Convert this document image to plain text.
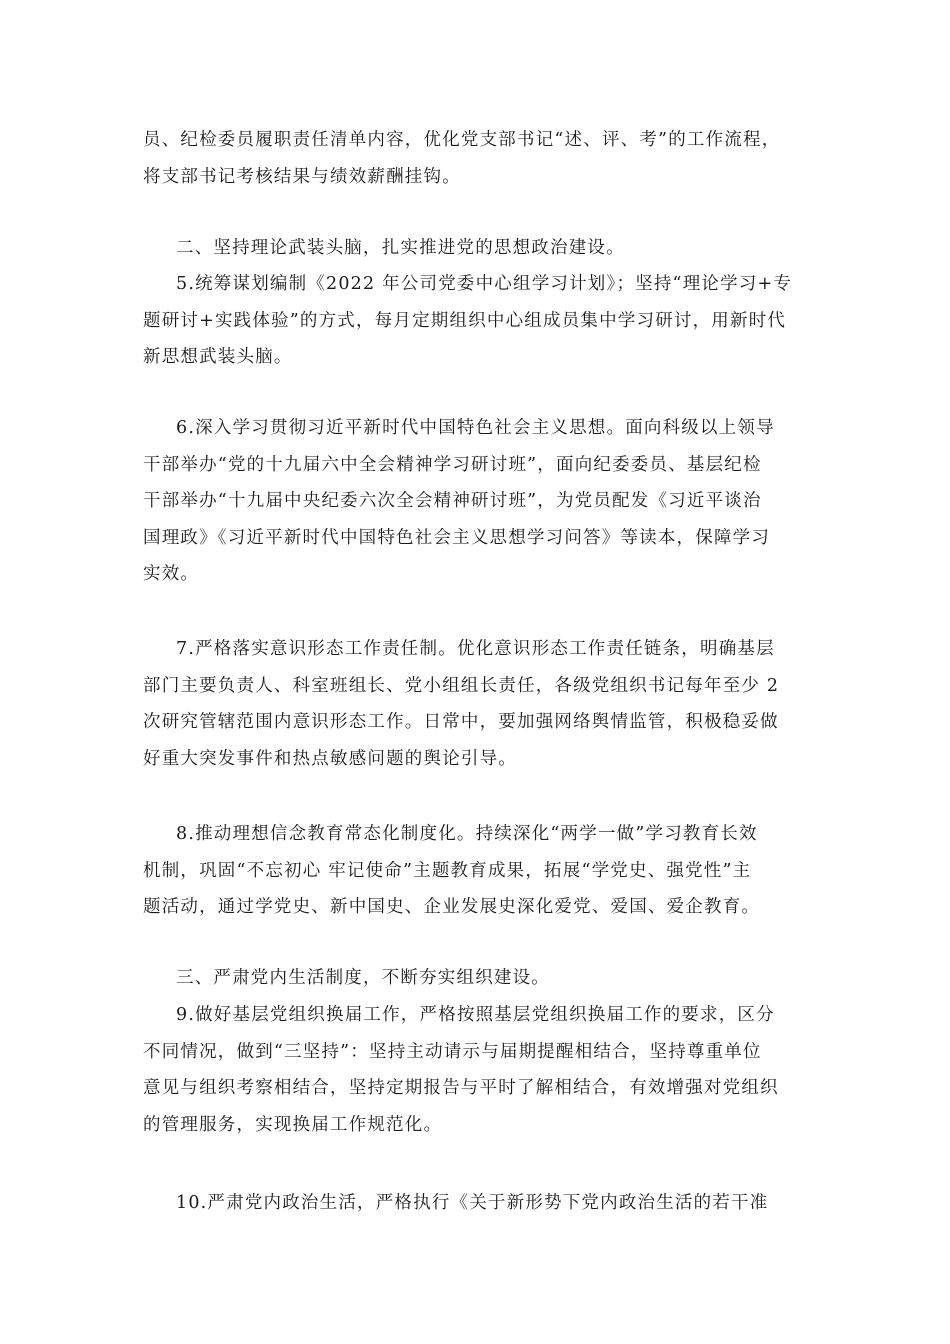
员、纪检委员履职责任清单内容，优化党支部书记“述、评、考”的工作流程，
将支部书记考核结果与绩效薪酬挂钩。
二、坚持理论武装头脑，扎实推进党的思想政治建设。
5.统筹谋划编制《2022 年公司党委中心组学习计划》；坚持“理论学习+专
题研讨+实践体验”的方式，每月定期组织中心组成员集中学习研讨，用新时代
新思想武装头脑。
6.深入学习贯彻习近平新时代中国特色社会主义思想。面向科级以上领导
干部举办“党的十九届六中全会精神学习研讨班”，面向纪委委员、基层纪检
干部举办“十九届中央纪委六次全会精神研讨班”，为党员配发《习近平谈治
国理政》《习近平新时代中国特色社会主义思想学习问答》等读本，保障学习
实效。
7.严格落实意识形态工作责任制。优化意识形态工作责任链条，明确基层
部门主要负责人、科室班组长、党小组组长责任，各级党组织书记每年至少 2
次研究管辖范围内意识形态工作。日常中，要加强网络舆情监管，积极稳妥做
好重大突发事件和热点敏感问题的舆论引导。
8.推动理想信念教育常态化制度化。持续深化“两学一做”学习教育长效
机制，巩固“不忘初心 牢记使命”主题教育成果，拓展“学党史、强党性”主
题活动，通过学党史、新中国史、企业发展史深化爱党、爱国、爱企教育。
三、严肃党内生活制度，不断夯实组织建设。
9.做好基层党组织换届工作，严格按照基层党组织换届工作的要求，区分
不同情况，做到“三坚持”：坚持主动请示与届期提醒相结合，坚持尊重单位
意见与组织考察相结合，坚持定期报告与平时了解相结合，有效增强对党组织
的管理服务，实现换届工作规范化。
10.严肃党内政治生活，严格执行《关于新形势下党内政治生活的若干准
